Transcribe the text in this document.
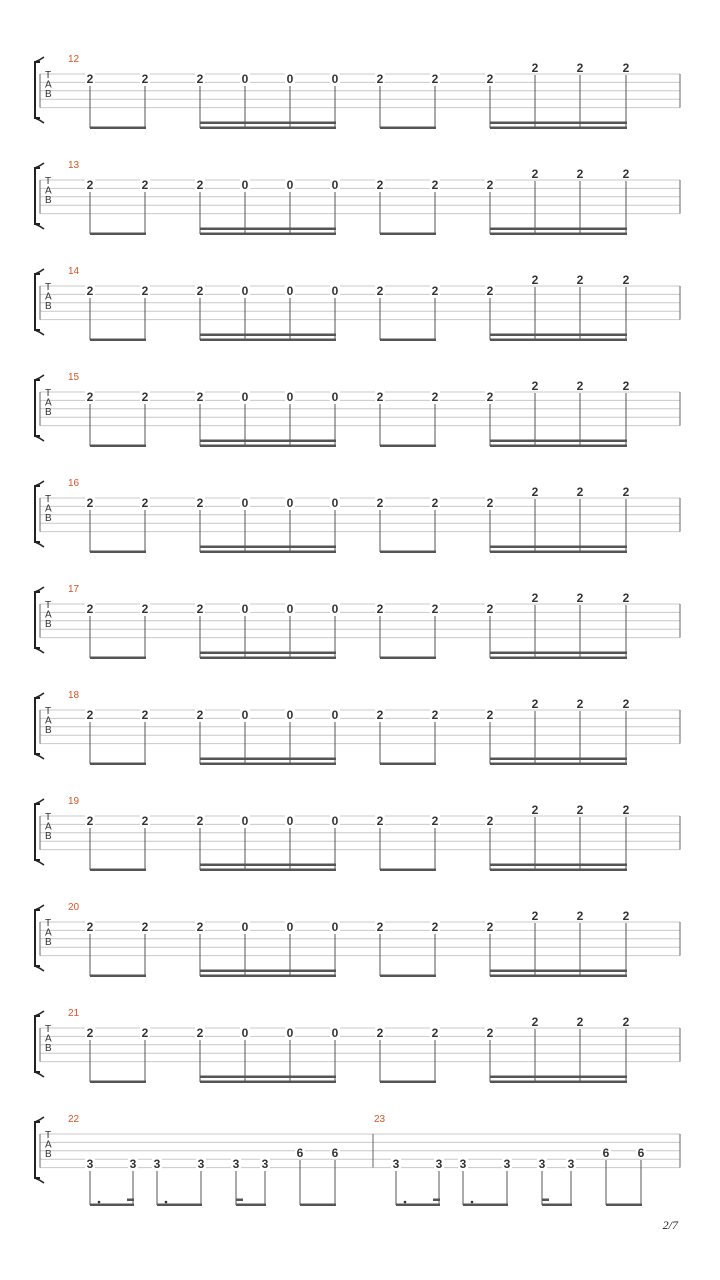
T
A
B
12
2	2	2	0	0	0	2	2	2
2	2	2
T
A
B
13
2	2	2	0	0	0	2	2	2
2	2	2
T
A
B
14
2	2	2	0	0	0	2	2	2
2	2	2
T
A
B
15
2	2	2	0	0	0	2	2	2
2	2	2
T
A
B
16
2	2	2	0	0	0	2	2	2
2	2	2
T
A
B
17
2	2	2	0	0	0	2	2	2
2	2	2
T
A
B
18
2	2	2	0	0	0	2	2	2
2	2	2
T
A
B
19
2	2	2	0	0	0	2	2	2
2	2	2
T
A
B
20
2	2	2	0	0	0	2	2	2
2	2	2
T
A
B
21
2	2	2	0	0	0	2	2	2
2	2	2
T
A
B
22
3	3 3	3 3 3
6 6
23
3	3 3	3 3 3
6 6
2/7
